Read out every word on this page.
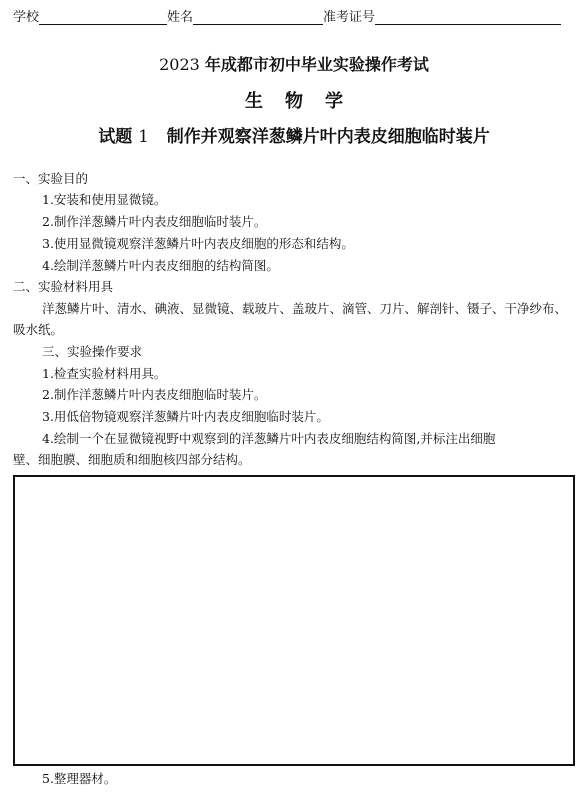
学校	姓名	准考证号
2023 年成都市初中毕业实验操作考试
生物学
试题 1 制作并观察洋葱鳞片叶内表皮细胞临时装片
一、实验目的
1.安装和使用显微镜。
2.制作洋葱鳞片叶内表皮细胞临时装片。
3.使用显微镜观察洋葱鳞片叶内表皮细胞的形态和结构。
4.绘制洋葱鳞片叶内表皮细胞的结构简图。
二、实验材料用具
洋葱鳞片叶、清水、碘液、显微镜、载玻片、盖玻片、滴管、刀片、解剖针、镊子、干净纱布、
吸水纸。
三、实验操作要求
1.检查实验材料用具。
2.制作洋葱鳞片叶内表皮细胞临时装片。
3.用低倍物镜观察洋葱鳞片叶内表皮细胞临时装片。
4.绘制一个在显微镜视野中观察到的洋葱鳞片叶内表皮细胞结构简图,并标注出细胞
壁、细胞膜、细胞质和细胞核四部分结构。
5.整理器材。
